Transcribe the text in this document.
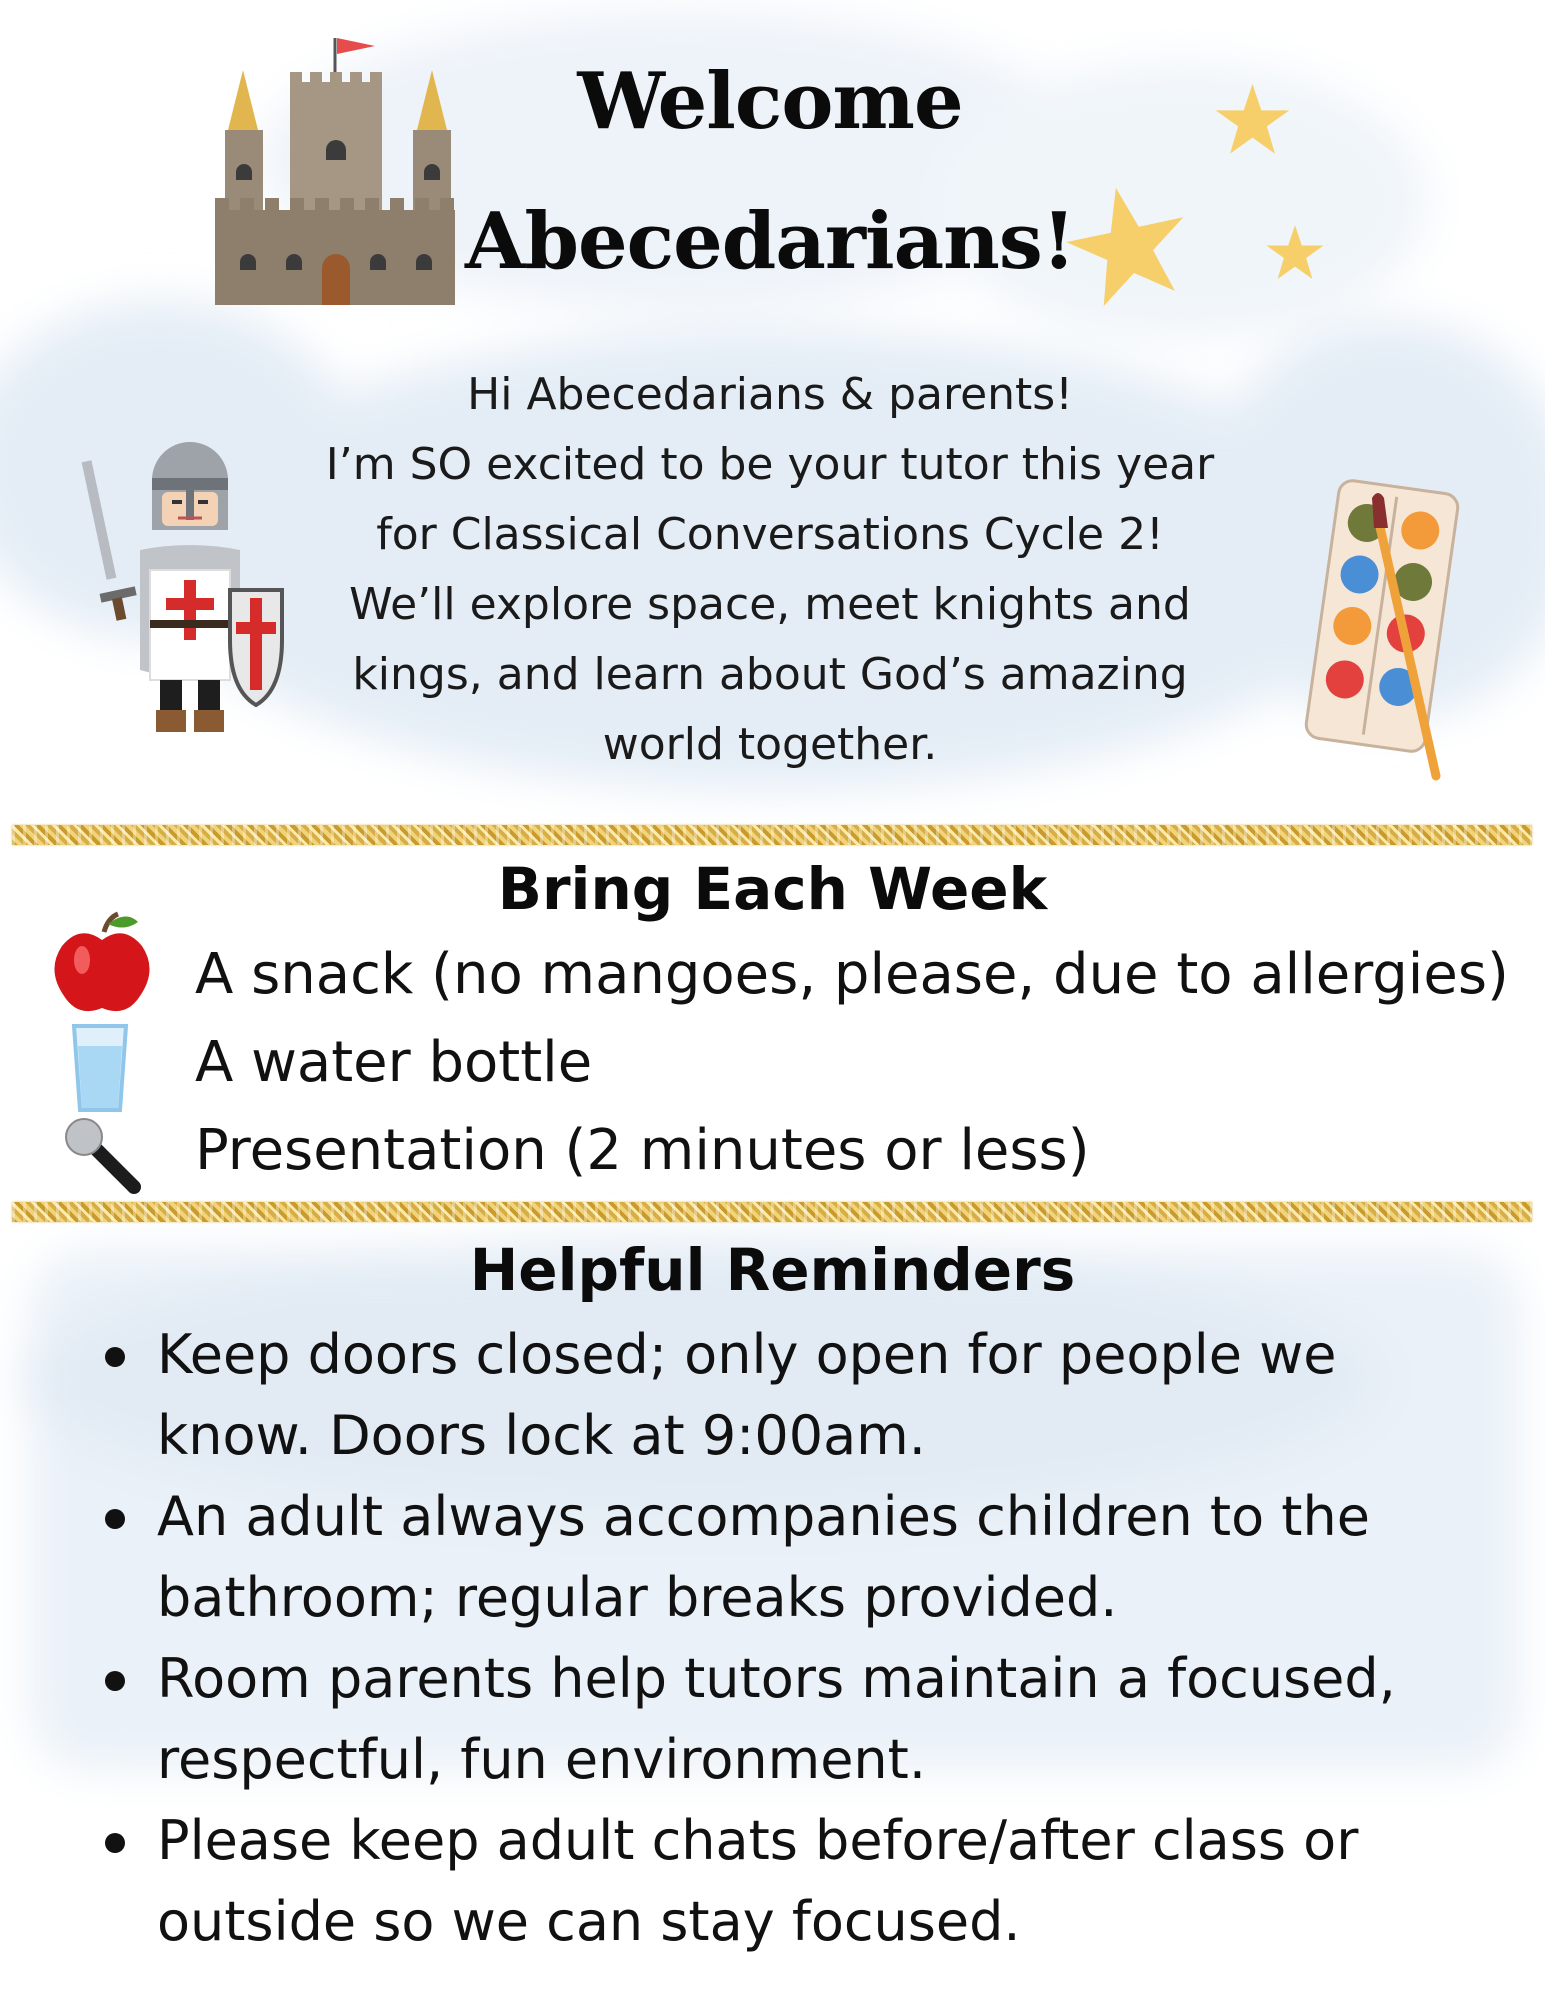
Welcome
Abecedarians!
Hi Abecedarians & parents!
I’m SO excited to be your tutor this year
for Classical Conversations Cycle 2!
We’ll explore space, meet knights and
kings, and learn about God’s amazing
world together.
Bring Each Week
A snack (no mangoes, please, due to allergies)
A water bottle
Presentation (2 minutes or less)
Helpful Reminders
Keep doors closed; only open for people we
know. Doors lock at 9:00am.
An adult always accompanies children to the
bathroom; regular breaks provided.
Room parents help tutors maintain a focused,
respectful, fun environment.
Please keep adult chats before/after class or
outside so we can stay focused.
